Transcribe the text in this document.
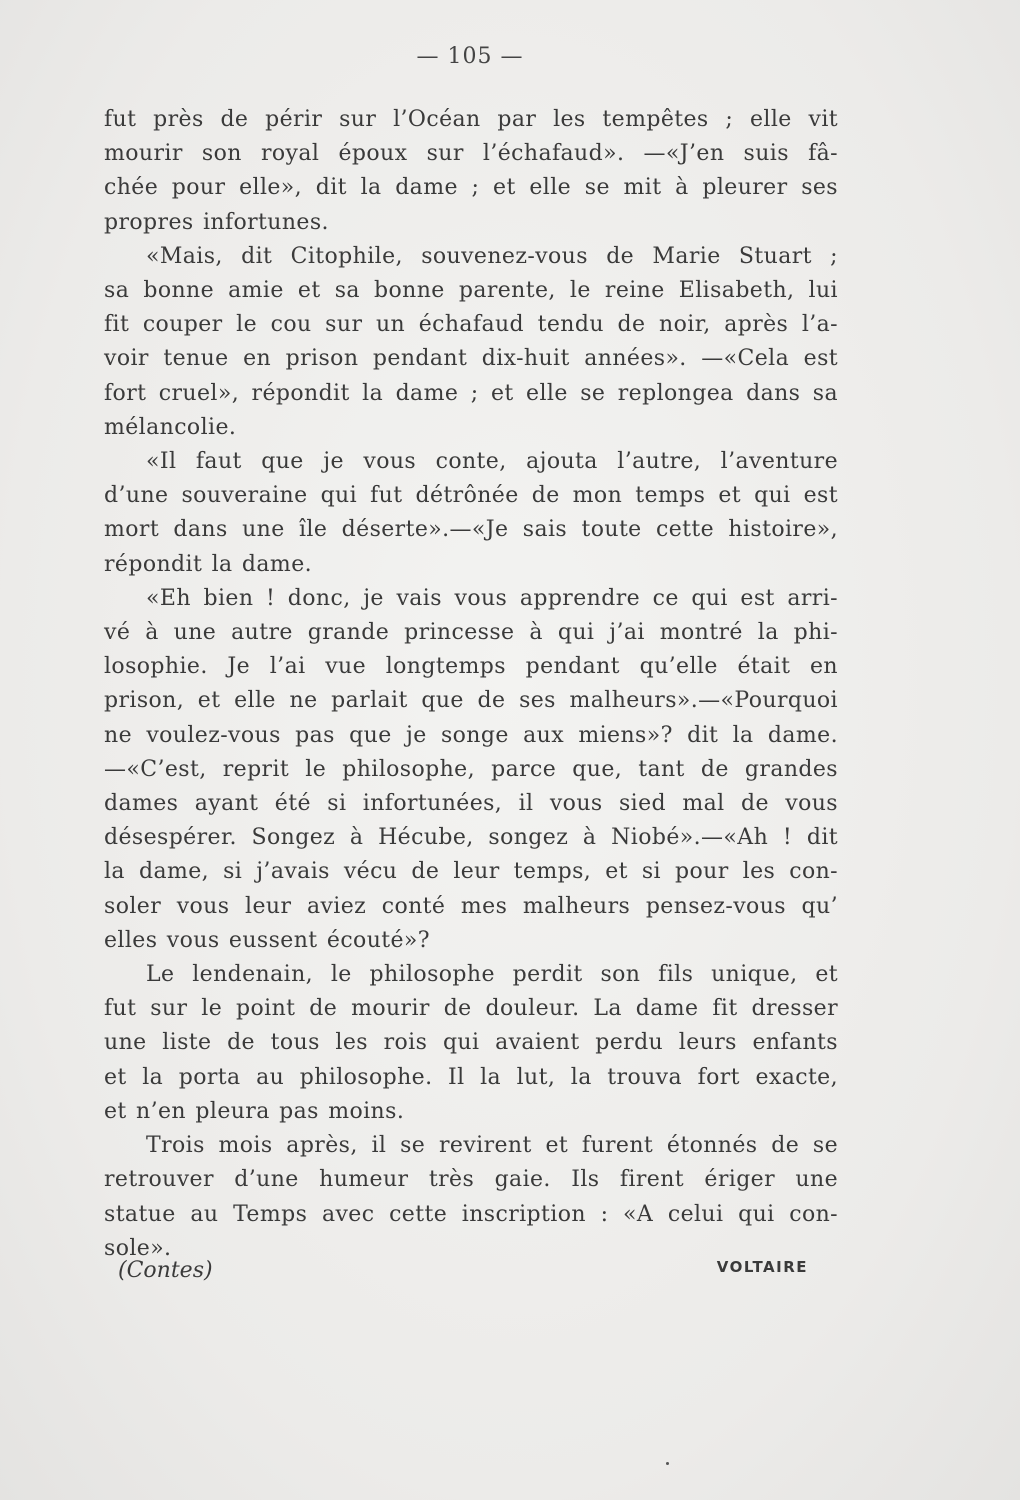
— 105 —
fut près de périr sur l’Océan par les tempêtes ; elle vit
mourir son royal époux sur l’échafaud». —«J’en suis fâ-
chée pour elle», dit la dame ; et elle se mit à pleurer ses
propres infortunes.
«Mais, dit Citophile, souvenez-vous de Marie Stuart ;
sa bonne amie et sa bonne parente, le reine Elisabeth, lui
fit couper le cou sur un échafaud tendu de noir, après l’a-
voir tenue en prison pendant dix-huit années». —«Cela est
fort cruel», répondit la dame ; et elle se replongea dans sa
mélancolie.
«Il faut que je vous conte, ajouta l’autre, l’aventure
d’une souveraine qui fut détrônée de mon temps et qui est
mort dans une île déserte».—«Je sais toute cette histoire»,
répondit la dame.
«Eh bien ! donc, je vais vous apprendre ce qui est arri-
vé à une autre grande princesse à qui j’ai montré la phi-
losophie. Je l’ai vue longtemps pendant qu’elle était en
prison, et elle ne parlait que de ses malheurs».—«Pourquoi
ne voulez-vous pas que je songe aux miens»? dit la dame.
—«C’est, reprit le philosophe, parce que, tant de grandes
dames ayant été si infortunées, il vous sied mal de vous
désespérer. Songez à Hécube, songez à Niobé».—«Ah ! dit
la dame, si j’avais vécu de leur temps, et si pour les con-
soler vous leur aviez conté mes malheurs pensez-vous qu’
elles vous eussent écouté»?
Le lendenain, le philosophe perdit son fils unique, et
fut sur le point de mourir de douleur. La dame fit dresser
une liste de tous les rois qui avaient perdu leurs enfants
et la porta au philosophe. Il la lut, la trouva fort exacte,
et n’en pleura pas moins.
Trois mois après, il se revirent et furent étonnés de se
retrouver d’une humeur très gaie. Ils firent ériger une
statue au Temps avec cette inscription : «A celui qui con-
sole».
(Contes)	VOLTAIRE
